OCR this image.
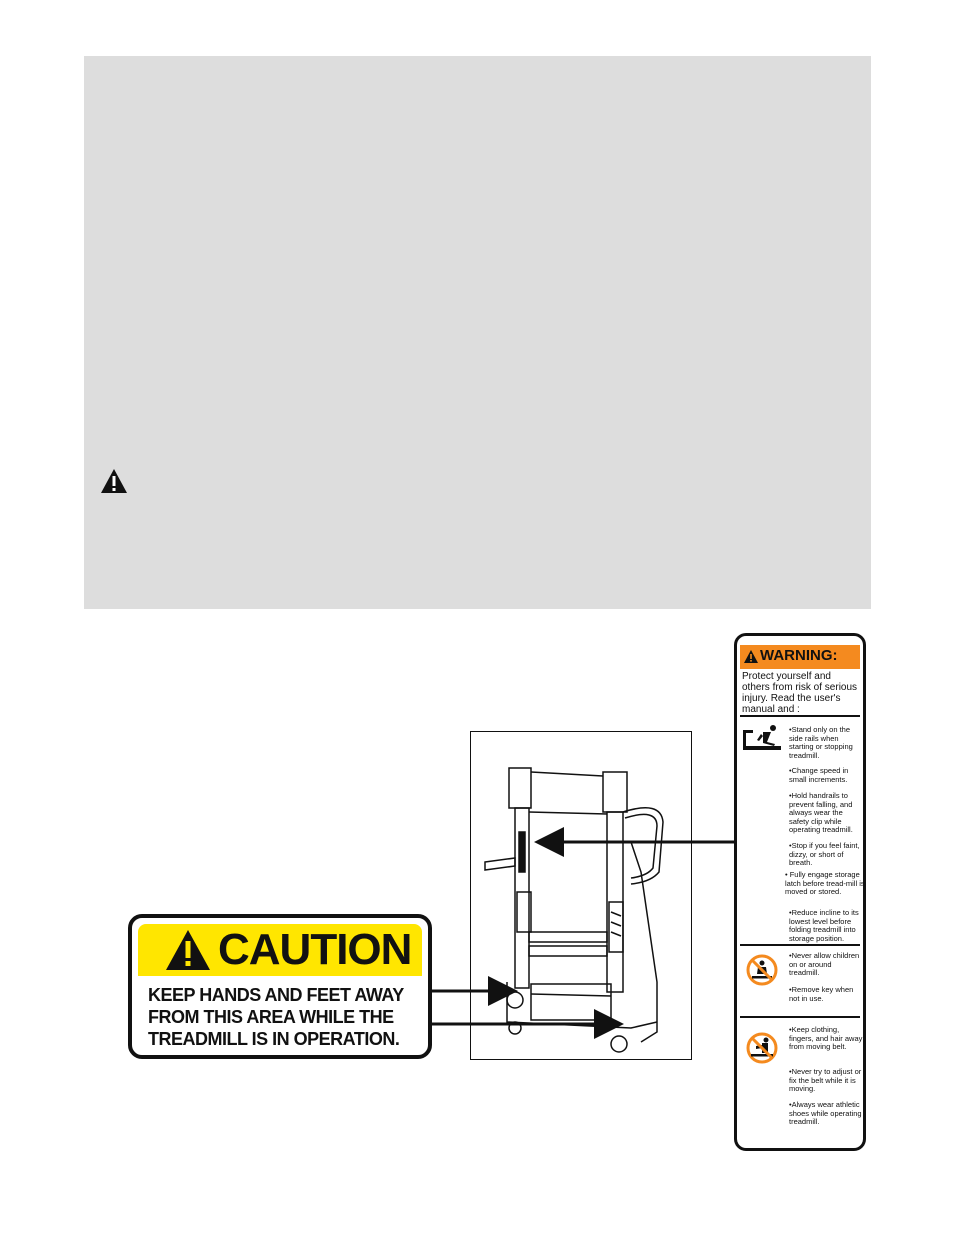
CAUTION
KEEP HANDS AND FEET AWAY
FROM THIS AREA WHILE THE
TREADMILL IS IN OPERATION.
WARNING:
Protect yourself and others from risk of serious injury. Read the user's manual and :
•Stand only on the side rails when starting or stopping treadmill.
•Change speed in small increments.
•Hold handrails to prevent falling, and always wear the safety clip while operating treadmill.
•Stop if you feel faint, dizzy, or short of breath.
• Fully engage storage latch before tread-mill is moved or stored.
•Reduce incline to its lowest level before folding treadmill into storage position.
•Never allow children on or around treadmill.
•Remove key when not in use.
•Keep clothing, fingers, and hair away from moving belt.
•Never try to adjust or fix the belt while it is moving.
•Always wear athletic shoes while operating treadmill.
